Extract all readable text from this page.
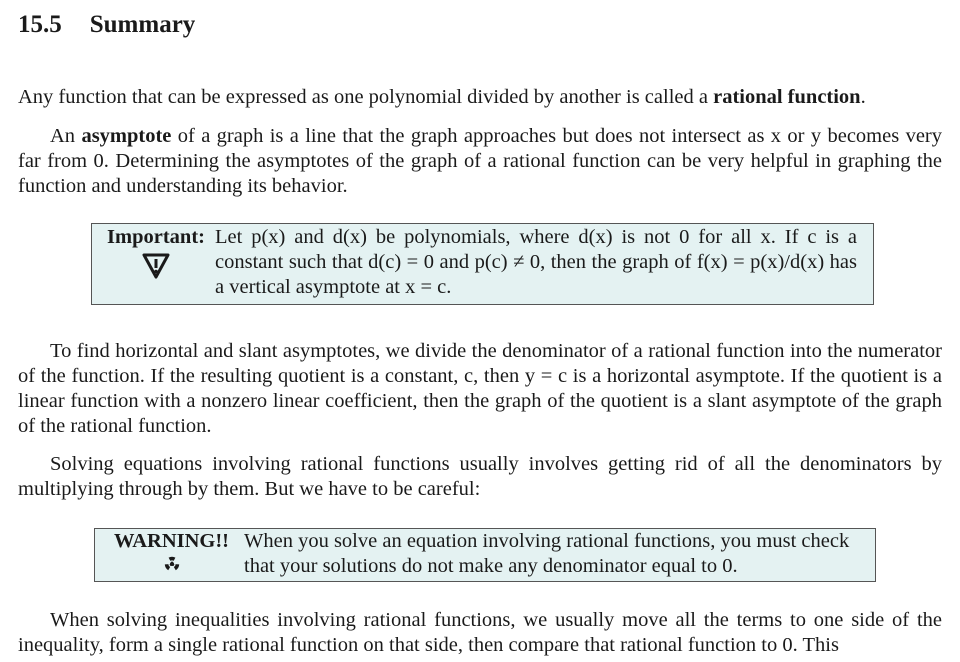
15.5 Summary

Any function that can be expressed as one polynomial divided by another is called a rational function.

An asymptote of a graph is a line that the graph approaches but does not intersect as x or y becomes very far from 0. Determining the asymptotes of the graph of a rational function can be very helpful in graphing the function and understanding its behavior.

Important: Let p(x) and d(x) be polynomials, where d(x) is not 0 for all x. If c is a constant such that d(c) = 0 and p(c) ≠ 0, then the graph of f(x) = p(x)/d(x) has a vertical asymptote at x = c.

To find horizontal and slant asymptotes, we divide the denominator of a rational function into the numerator of the function. If the resulting quotient is a constant, c, then y = c is a horizontal asymptote. If the quotient is a linear function with a nonzero linear coefficient, then the graph of the quotient is a slant asymptote of the graph of the rational function.

Solving equations involving rational functions usually involves getting rid of all the denominators by multiplying through by them. But we have to be careful:

WARNING!! When you solve an equation involving rational functions, you must check that your solutions do not make any denominator equal to 0.

When solving inequalities involving rational functions, we usually move all the terms to one side of the inequality, form a single rational function on that side, then compare that rational function to 0. This
